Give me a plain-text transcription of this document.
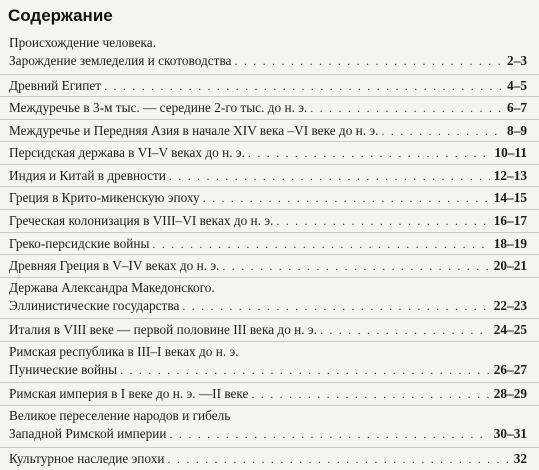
Содержание
Происхождение человека.
Зарождение земледелия и скотоводства . . .	2–3
Древний Египет . . .	4–5
Междуречье в 3-м тыс. — середине 2-го тыс. до н. э. . . .	6–7
Междуречье и Передняя Азия в начале XIV века –VI веке до н. э. . . .	8–9
Персидская держава в VI–V веках до н. э. . . .	10–11
Индия и Китай в древности . . .	12–13
Греция в Крито-микенскую эпоху . . .	14–15
Греческая колонизация в VIII–VI веках до н. э. . . .	16–17
Греко-персидские войны . . .	18–19
Древняя Греция в V–IV веках до н. э. . . .	20–21
Держава Александра Македонского.
Эллинистические государства . . .	22–23
Италия в VIII веке — первой половине III века до н. э. . . .	24–25
Римская республика в III–I веках до н. э.
Пунические войны . . .	26–27
Римская империя в I веке до н. э. —II веке . . .	28–29
Великое переселение народов и гибель
Западной Римской империи . . .	30–31
Культурное наследие эпохи . . .	32
